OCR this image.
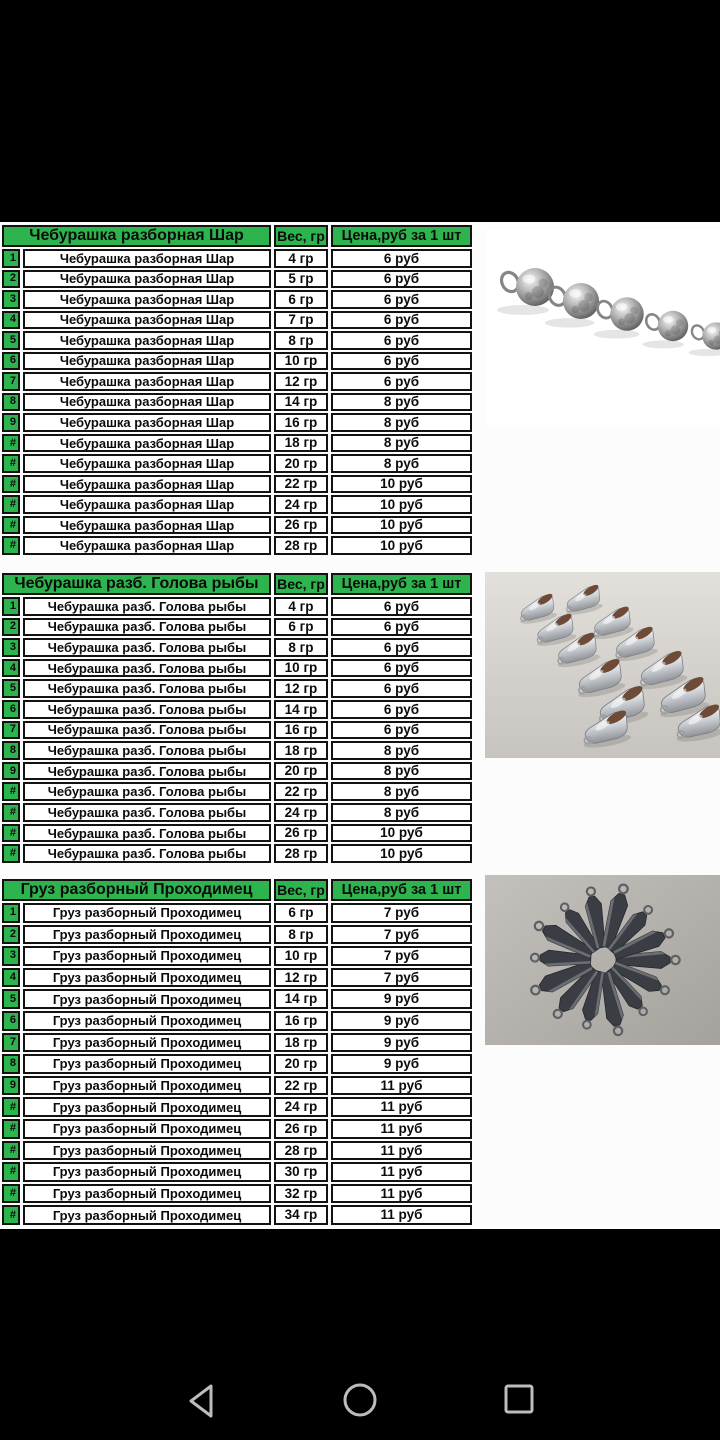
Чебурашка разборная Шар	Вес, гр	Цена,руб за 1 шт
1	Чебурашка разборная Шар	4 гр	6 руб
2	Чебурашка разборная Шар	5 гр	6 руб
3	Чебурашка разборная Шар	6 гр	6 руб
4	Чебурашка разборная Шар	7 гр	6 руб
5	Чебурашка разборная Шар	8 гр	6 руб
6	Чебурашка разборная Шар	10 гр	6 руб
7	Чебурашка разборная Шар	12 гр	6 руб
8	Чебурашка разборная Шар	14 гр	8 руб
9	Чебурашка разборная Шар	16 гр	8 руб
#	Чебурашка разборная Шар	18 гр	8 руб
#	Чебурашка разборная Шар	20 гр	8 руб
#	Чебурашка разборная Шар	22 гр	10 руб
#	Чебурашка разборная Шар	24 гр	10 руб
#	Чебурашка разборная Шар	26 гр	10 руб
#	Чебурашка разборная Шар	28 гр	10 руб
Чебурашка разб. Голова рыбы	Вес, гр	Цена,руб за 1 шт
1	Чебурашка разб. Голова рыбы	4 гр	6 руб
2	Чебурашка разб. Голова рыбы	6 гр	6 руб
3	Чебурашка разб. Голова рыбы	8 гр	6 руб
4	Чебурашка разб. Голова рыбы	10 гр	6 руб
5	Чебурашка разб. Голова рыбы	12 гр	6 руб
6	Чебурашка разб. Голова рыбы	14 гр	6 руб
7	Чебурашка разб. Голова рыбы	16 гр	6 руб
8	Чебурашка разб. Голова рыбы	18 гр	8 руб
9	Чебурашка разб. Голова рыбы	20 гр	8 руб
#	Чебурашка разб. Голова рыбы	22 гр	8 руб
#	Чебурашка разб. Голова рыбы	24 гр	8 руб
#	Чебурашка разб. Голова рыбы	26 гр	10 руб
#	Чебурашка разб. Голова рыбы	28 гр	10 руб
Груз разборный Проходимец	Вес, гр	Цена,руб за 1 шт
1	Груз разборный Проходимец	6 гр	7 руб
2	Груз разборный Проходимец	8 гр	7 руб
3	Груз разборный Проходимец	10 гр	7 руб
4	Груз разборный Проходимец	12 гр	7 руб
5	Груз разборный Проходимец	14 гр	9 руб
6	Груз разборный Проходимец	16 гр	9 руб
7	Груз разборный Проходимец	18 гр	9 руб
8	Груз разборный Проходимец	20 гр	9 руб
9	Груз разборный Проходимец	22 гр	11 руб
#	Груз разборный Проходимец	24 гр	11 руб
#	Груз разборный Проходимец	26 гр	11 руб
#	Груз разборный Проходимец	28 гр	11 руб
#	Груз разборный Проходимец	30 гр	11 руб
#	Груз разборный Проходимец	32 гр	11 руб
#	Груз разборный Проходимец	34 гр	11 руб
